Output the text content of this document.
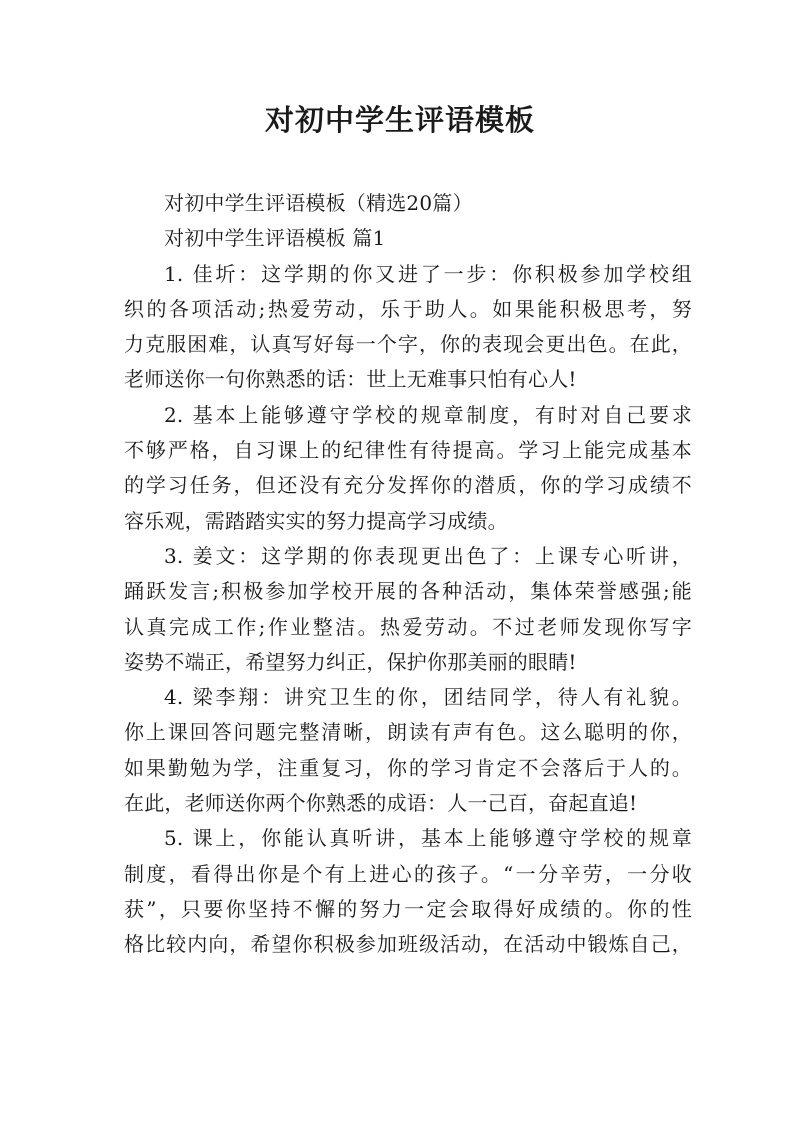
对初中学生评语模板
对初中学生评语模板（精选20篇）
对初中学生评语模板 篇1
1. 佳圻：这学期的你又进了一步：你积极参加学校组
织的各项活动;热爱劳动，乐于助人。如果能积极思考，努
力克服困难，认真写好每一个字，你的表现会更出色。在此，
老师送你一句你熟悉的话：世上无难事只怕有心人!
2. 基本上能够遵守学校的规章制度，有时对自己要求
不够严格，自习课上的纪律性有待提高。学习上能完成基本
的学习任务，但还没有充分发挥你的潜质，你的学习成绩不
容乐观，需踏踏实实的努力提高学习成绩。
3. 姜文：这学期的你表现更出色了：上课专心听讲，
踊跃发言;积极参加学校开展的各种活动，集体荣誉感强;能
认真完成工作;作业整洁。热爱劳动。不过老师发现你写字
姿势不端正，希望努力纠正，保护你那美丽的眼睛!
4. 梁李翔：讲究卫生的你，团结同学，待人有礼貌。
你上课回答问题完整清晰，朗读有声有色。这么聪明的你，
如果勤勉为学，注重复习，你的学习肯定不会落后于人的。
在此，老师送你两个你熟悉的成语：人一己百，奋起直追!
5. 课上，你能认真听讲，基本上能够遵守学校的规章
制度，看得出你是个有上进心的孩子。“一分辛劳，一分收
获”，只要你坚持不懈的努力一定会取得好成绩的。你的性
格比较内向，希望你积极参加班级活动，在活动中锻炼自己，
